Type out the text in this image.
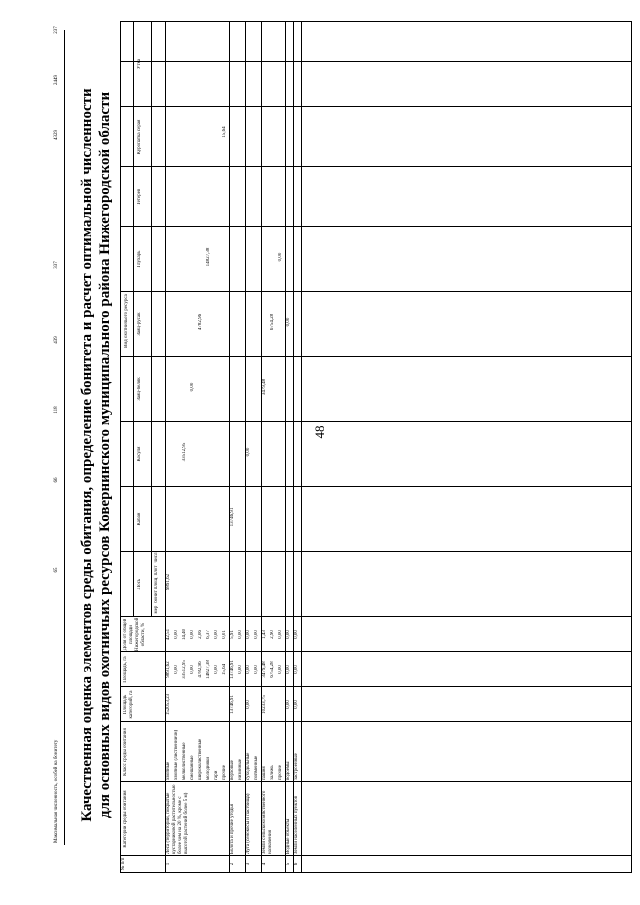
48
Качественная оценка элементов среды обитания, определение бонитета и расчет оптимальной численности для основных видов охотничьих ресурсов Ковернинского муниципального района Нижегородской области
Максимальная численность, особей на бонитету
65
66
118
439
337
4329
2449
237
№ п/п
Категории среды обитания
Класс среды обитания
Площадь категорий, га
Площадь, га
Доля от общей площади Нижегородской области, %
Вид охотничьего ресурса
Лось
Кабан
Косуля
Заяц-беляк
Заяц-русак
Глухарь
Тетерев
Куропатка серая
Утка
мер
бонит
площ
плот
числ
хвойные
9891,62
42,51
9891,62
хвойные (лиственничн)
0,00
0,00
мелколиственные
33512,95
14,40
33512,95
смешанные
0,00
0,00
0,00
широколиственные
4782,96
2,06
4782,96
молодняки
14827,38
6,37
14827,38
гари
0,00
0,00
прочие
15,64
0,01
15,64
1
Леса (территории, покрытые кустарниковой растительностью более чем на 20 %, кроме с высотой растений более 5 м)
152053,23
верховые
13746,91
5,91
13746,91
низинные
0,00
0,00
2
Болота и прочие угодья
13746,91
суходольные
0,00
0,00
0,00
пойменные
0,00
0,00
3
Луга (сенокосы и пастбища)
0,00
пашня
3479,48
1,43
3479,48
залежь
6754,28
2,90
6754,28
прочие
0,00
0,00
0,00
4
Земли сельскохозяйственного назначения
10233,75
водоёмы
0,00
0,00
0,00
5
Водные объекты
0,00
застроенные
0,00
0,00
6
Земли населённых пунктов
0,00
